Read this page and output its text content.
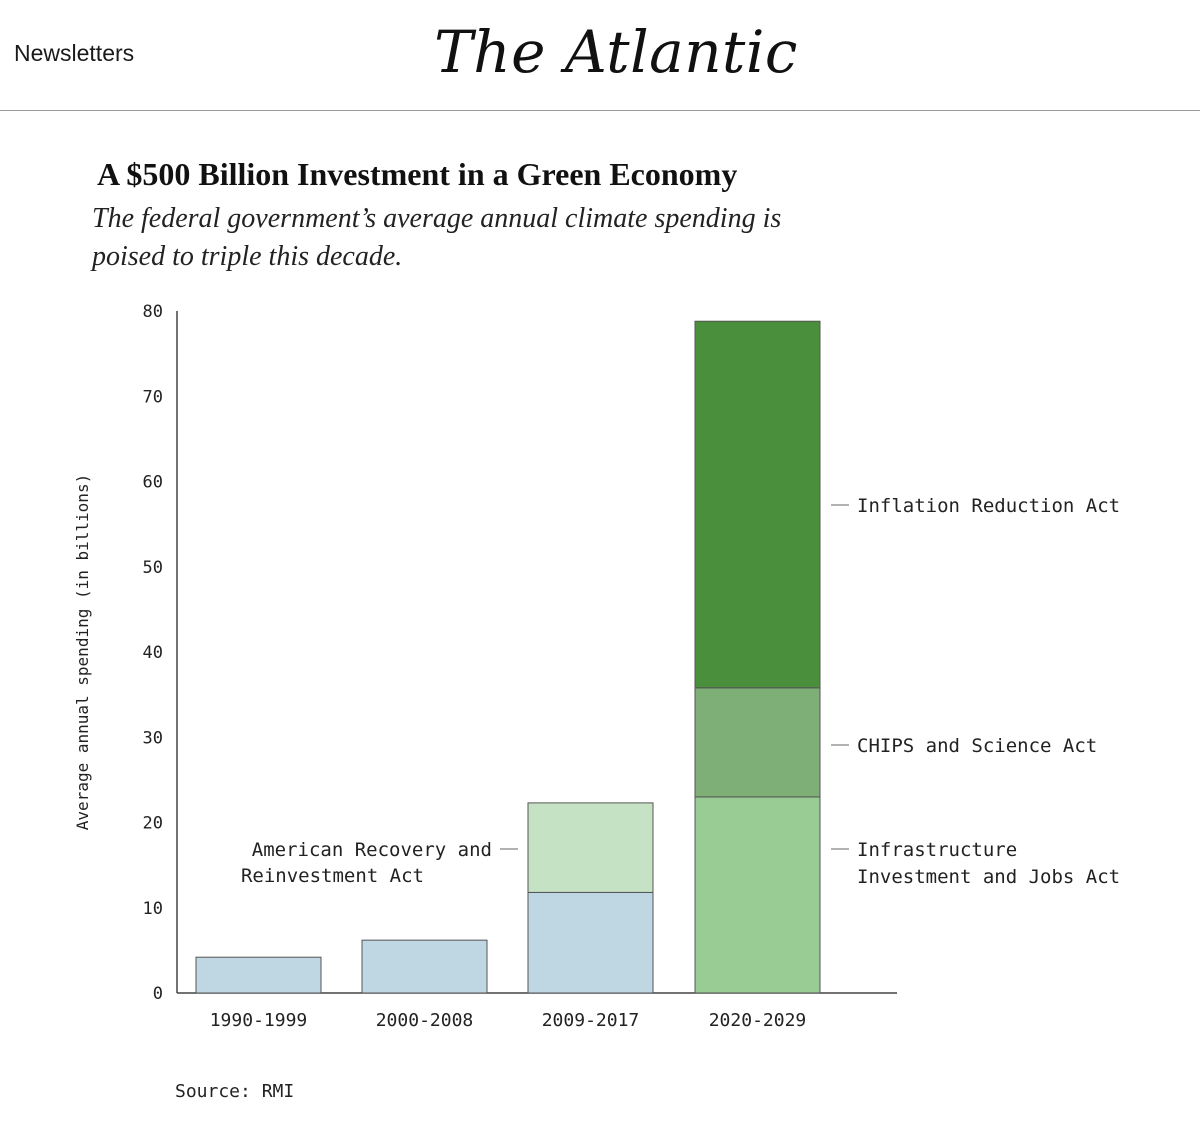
Newsletters	The Atlantic
A $500 Billion Investment in a Green Economy
The federal government’s average annual climate spending is poised to triple this decade.
Average annual spending (in billions)
0
10
20
30
40
50
60
70
80
1990-1999	2000-2008	2009-2017	2020-2029
American Recovery and Reinvestment Act
Inflation Reduction Act
CHIPS and Science Act
Infrastructure Investment and Jobs Act
Source: RMI
